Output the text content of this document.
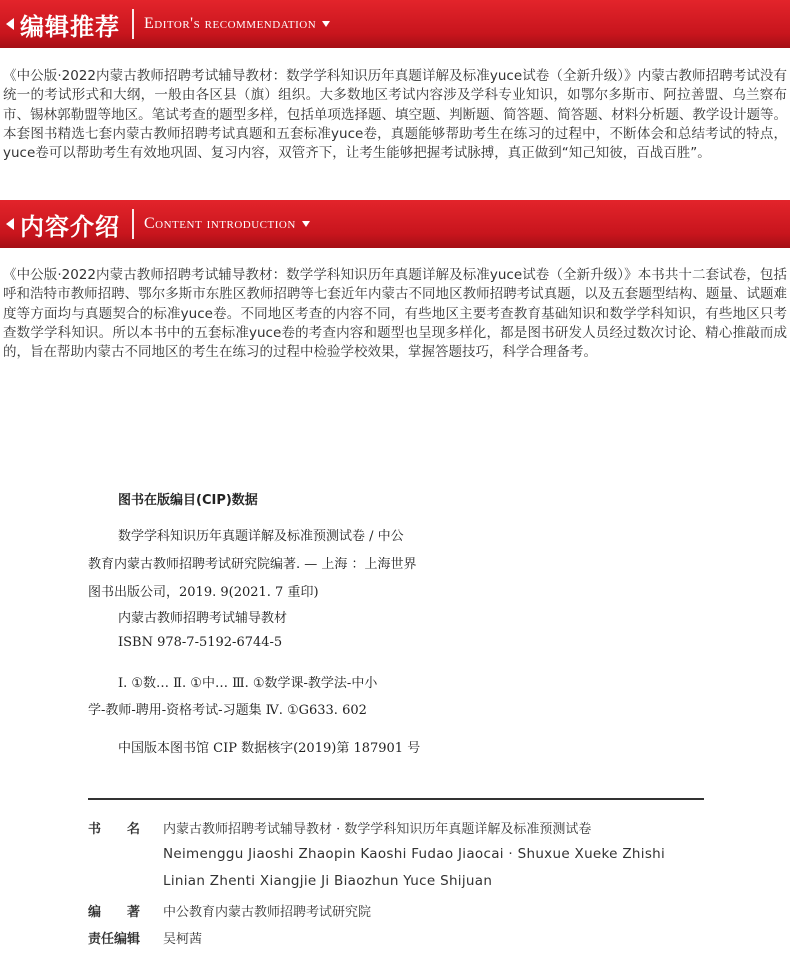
编辑推荐 Editor's recommendation

《中公版·2022内蒙古教师招聘考试辅导教材：数学学科知识历年真题详解及标准yuce试卷（全新升级）》内蒙古教师招聘考试没有统一的考试形式和大纲，一般由各区县（旗）组织。大多数地区考试内容涉及学科专业知识，如鄂尔多斯市、阿拉善盟、乌兰察布市、锡林郭勒盟等地区。笔试考查的题型多样，包括单项选择题、填空题、判断题、简答题、简答题、材料分析题、教学设计题等。本套图书精选七套内蒙古教师招聘考试真题和五套标准yuce卷，真题能够帮助考生在练习的过程中，不断体会和总结考试的特点，yuce卷可以帮助考生有效地巩固、复习内容，双管齐下，让考生能够把握考试脉搏，真正做到“知己知彼，百战百胜”。

内容介绍 Content introduction

《中公版·2022内蒙古教师招聘考试辅导教材：数学学科知识历年真题详解及标准yuce试卷（全新升级）》本书共十二套试卷，包括呼和浩特市教师招聘、鄂尔多斯市东胜区教师招聘等七套近年内蒙古不同地区教师招聘考试真题，以及五套题型结构、题量、试题难度等方面均与真题契合的标准yuce卷。不同地区考查的内容不同，有些地区主要考查教育基础知识和数学学科知识，有些地区只考查数学学科知识。所以本书中的五套标准yuce卷的考查内容和题型也呈现多样化，都是图书研发人员经过数次讨论、精心推敲而成的，旨在帮助内蒙古不同地区的考生在练习的过程中检验学校效果，掌握答题技巧，科学合理备考。

图书在版编目(CIP)数据
数学学科知识历年真题详解及标准预测试卷 / 中公
教育内蒙古教师招聘考试研究院编著. — 上海 ：上海世界
图书出版公司，2019. 9(2021. 7 重印)
内蒙古教师招聘考试辅导教材
ISBN 978-7-5192-6744-5
Ⅰ. ①数… Ⅱ. ①中… Ⅲ. ①数学课-教学法-中小
学-教师-聘用-资格考试-习题集 Ⅳ. ①G633. 602
中国版本图书馆 CIP 数据核字(2019)第 187901 号
书　　名 内蒙古教师招聘考试辅导教材 · 数学学科知识历年真题详解及标准预测试卷
Neimenggu Jiaoshi Zhaopin Kaoshi Fudao Jiaocai · Shuxue Xueke Zhishi
Linian Zhenti Xiangjie Ji Biaozhun Yuce Shijuan
编　　著 中公教育内蒙古教师招聘考试研究院
责任编辑 吴柯茜
